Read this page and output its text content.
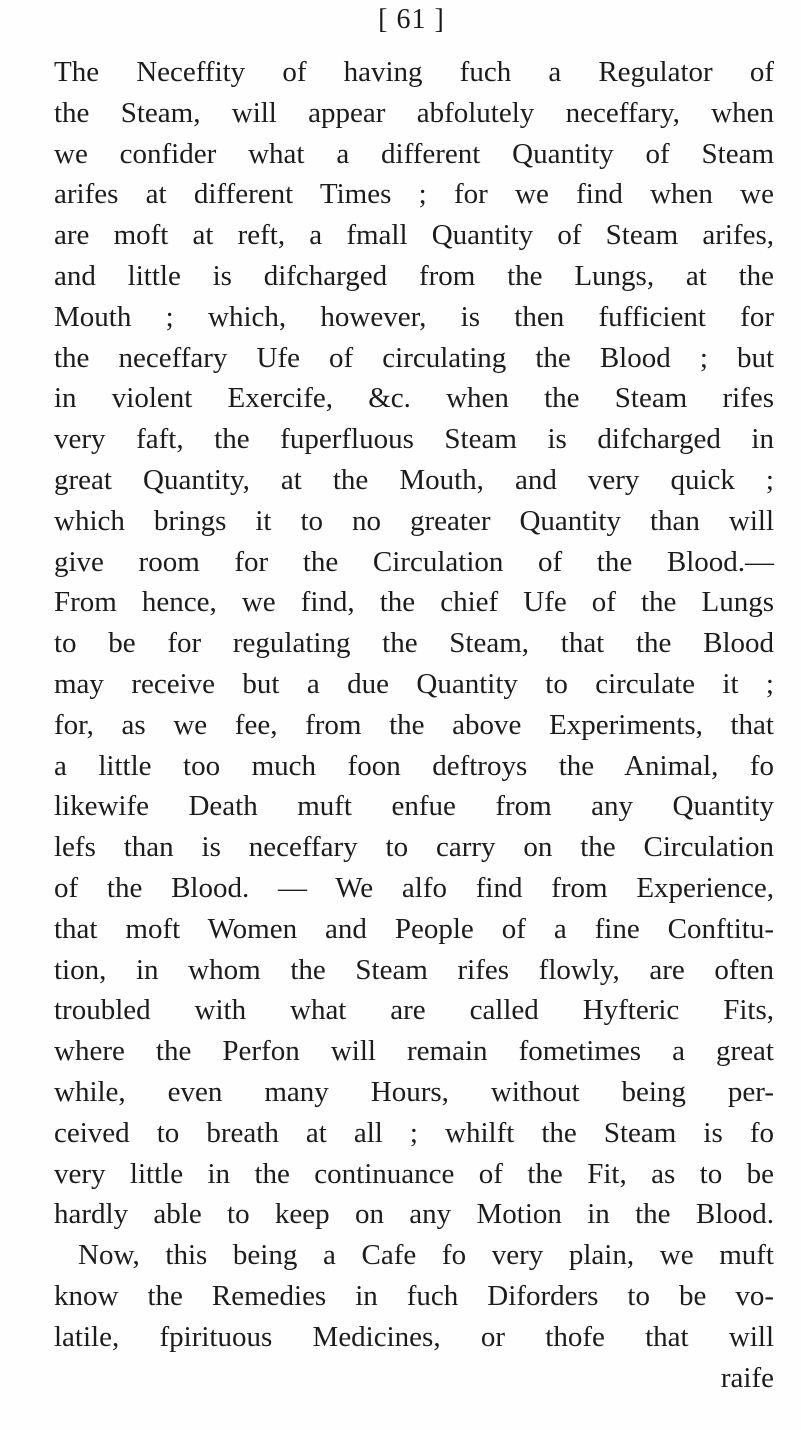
[ 61 ]

The Neceffity of having fuch a Regulator of
the Steam, will appear abfolutely neceffary, when
we confider what a different Quantity of Steam
arifes at different Times ; for we find when we
are moft at reft, a fmall Quantity of Steam arifes,
and little is difcharged from the Lungs, at the
Mouth ; which, however, is then fufficient for
the neceffary Ufe of circulating the Blood ; but
in violent Exercife, &c. when the Steam rifes
very faft, the fuperfluous Steam is difcharged in
great Quantity, at the Mouth, and very quick ;
which brings it to no greater Quantity than will
give room for the Circulation of the Blood.—
From hence, we find, the chief Ufe of the Lungs
to be for regulating the Steam, that the Blood
may receive but a due Quantity to circulate it ;
for, as we fee, from the above Experiments, that
a little too much foon deftroys the Animal, fo
likewife Death muft enfue from any Quantity
lefs than is neceffary to carry on the Circulation
of the Blood. — We alfo find from Experience,
that moft Women and People of a fine Conftitu-
tion, in whom the Steam rifes flowly, are often
troubled with what are called Hyfteric Fits,
where the Perfon will remain fometimes a great
while, even many Hours, without being per-
ceived to breath at all ; whilft the Steam is fo
very little in the continuance of the Fit, as to be
hardly able to keep on any Motion in the Blood.
Now, this being a Cafe fo very plain, we muft
know the Remedies in fuch Diforders to be vo-
latile, fpirituous Medicines, or thofe that will
raife
